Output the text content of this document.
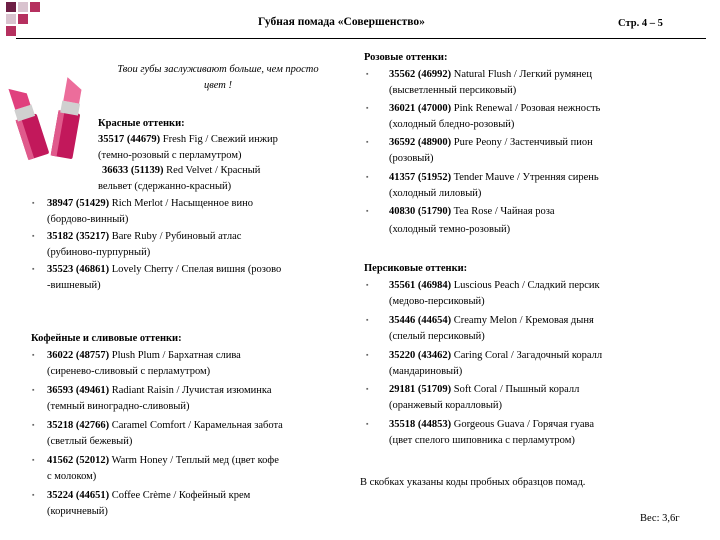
Губная помада «Совершенство»	Стр. 4 – 5
Твои губы заслуживают больше, чем просто цвет !
Красные оттенки:
35517 (44679) Fresh Fig / Свежий инжир
(темно-розовый с перламутром)
36633 (51139) Red Velvet / Красный
вельвет (сдержанно-красный)
▪ 38947 (51429) Rich Merlot / Насыщенное вино
(бордово-винный)
▪ 35182 (35217) Bare Ruby / Рубиновый атлас
(рубиново-пурпурный)
▪ 35523 (46861) Lovely Cherry / Спелая вишня (розово
-вишневый)
Кофейные и сливовые оттенки:
▪ 36022 (48757) Plush Plum / Бархатная слива
(сиренево-сливовый с перламутром)
▪ 36593 (49461) Radiant Raisin / Лучистая изюминка
(темный виноградно-сливовый)
▪ 35218 (42766) Caramel Comfort / Карамельная забота
(светлый бежевый)
▪ 41562 (52012) Warm Honey / Теплый мед (цвет кофе
с молоком)
▪ 35224 (44651) Coffee Crème / Кофейный крем
(коричневый)
Розовые оттенки:
▪ 35562 (46992) Natural Flush / Легкий румянец
(высветленный персиковый)
▪ 36021 (47000) Pink Renewal / Розовая нежность
(холодный бледно-розовый)
▪ 36592 (48900) Pure Peony / Застенчивый пион
(розовый)
▪ 41357 (51952) Tender Mauve / Утренняя сирень
(холодный лиловый)
▪ 40830 (51790) Tea Rose / Чайная роза
(холодный темно-розовый)
Персиковые оттенки:
▪ 35561 (46984) Luscious Peach / Сладкий персик
(медово-персиковый)
▪ 35446 (44654) Creamy Melon / Кремовая дыня
(спелый персиковый)
▪ 35220 (43462) Caring Coral / Загадочный коралл
(мандариновый)
▪ 29181 (51709) Soft Coral / Пышный коралл
(оранжевый коралловый)
▪ 35518 (44853) Gorgeous Guava / Горячая гуава
(цвет спелого шиповника с перламутром)
В скобках указаны коды пробных образцов помад.
Вес: 3,6г
